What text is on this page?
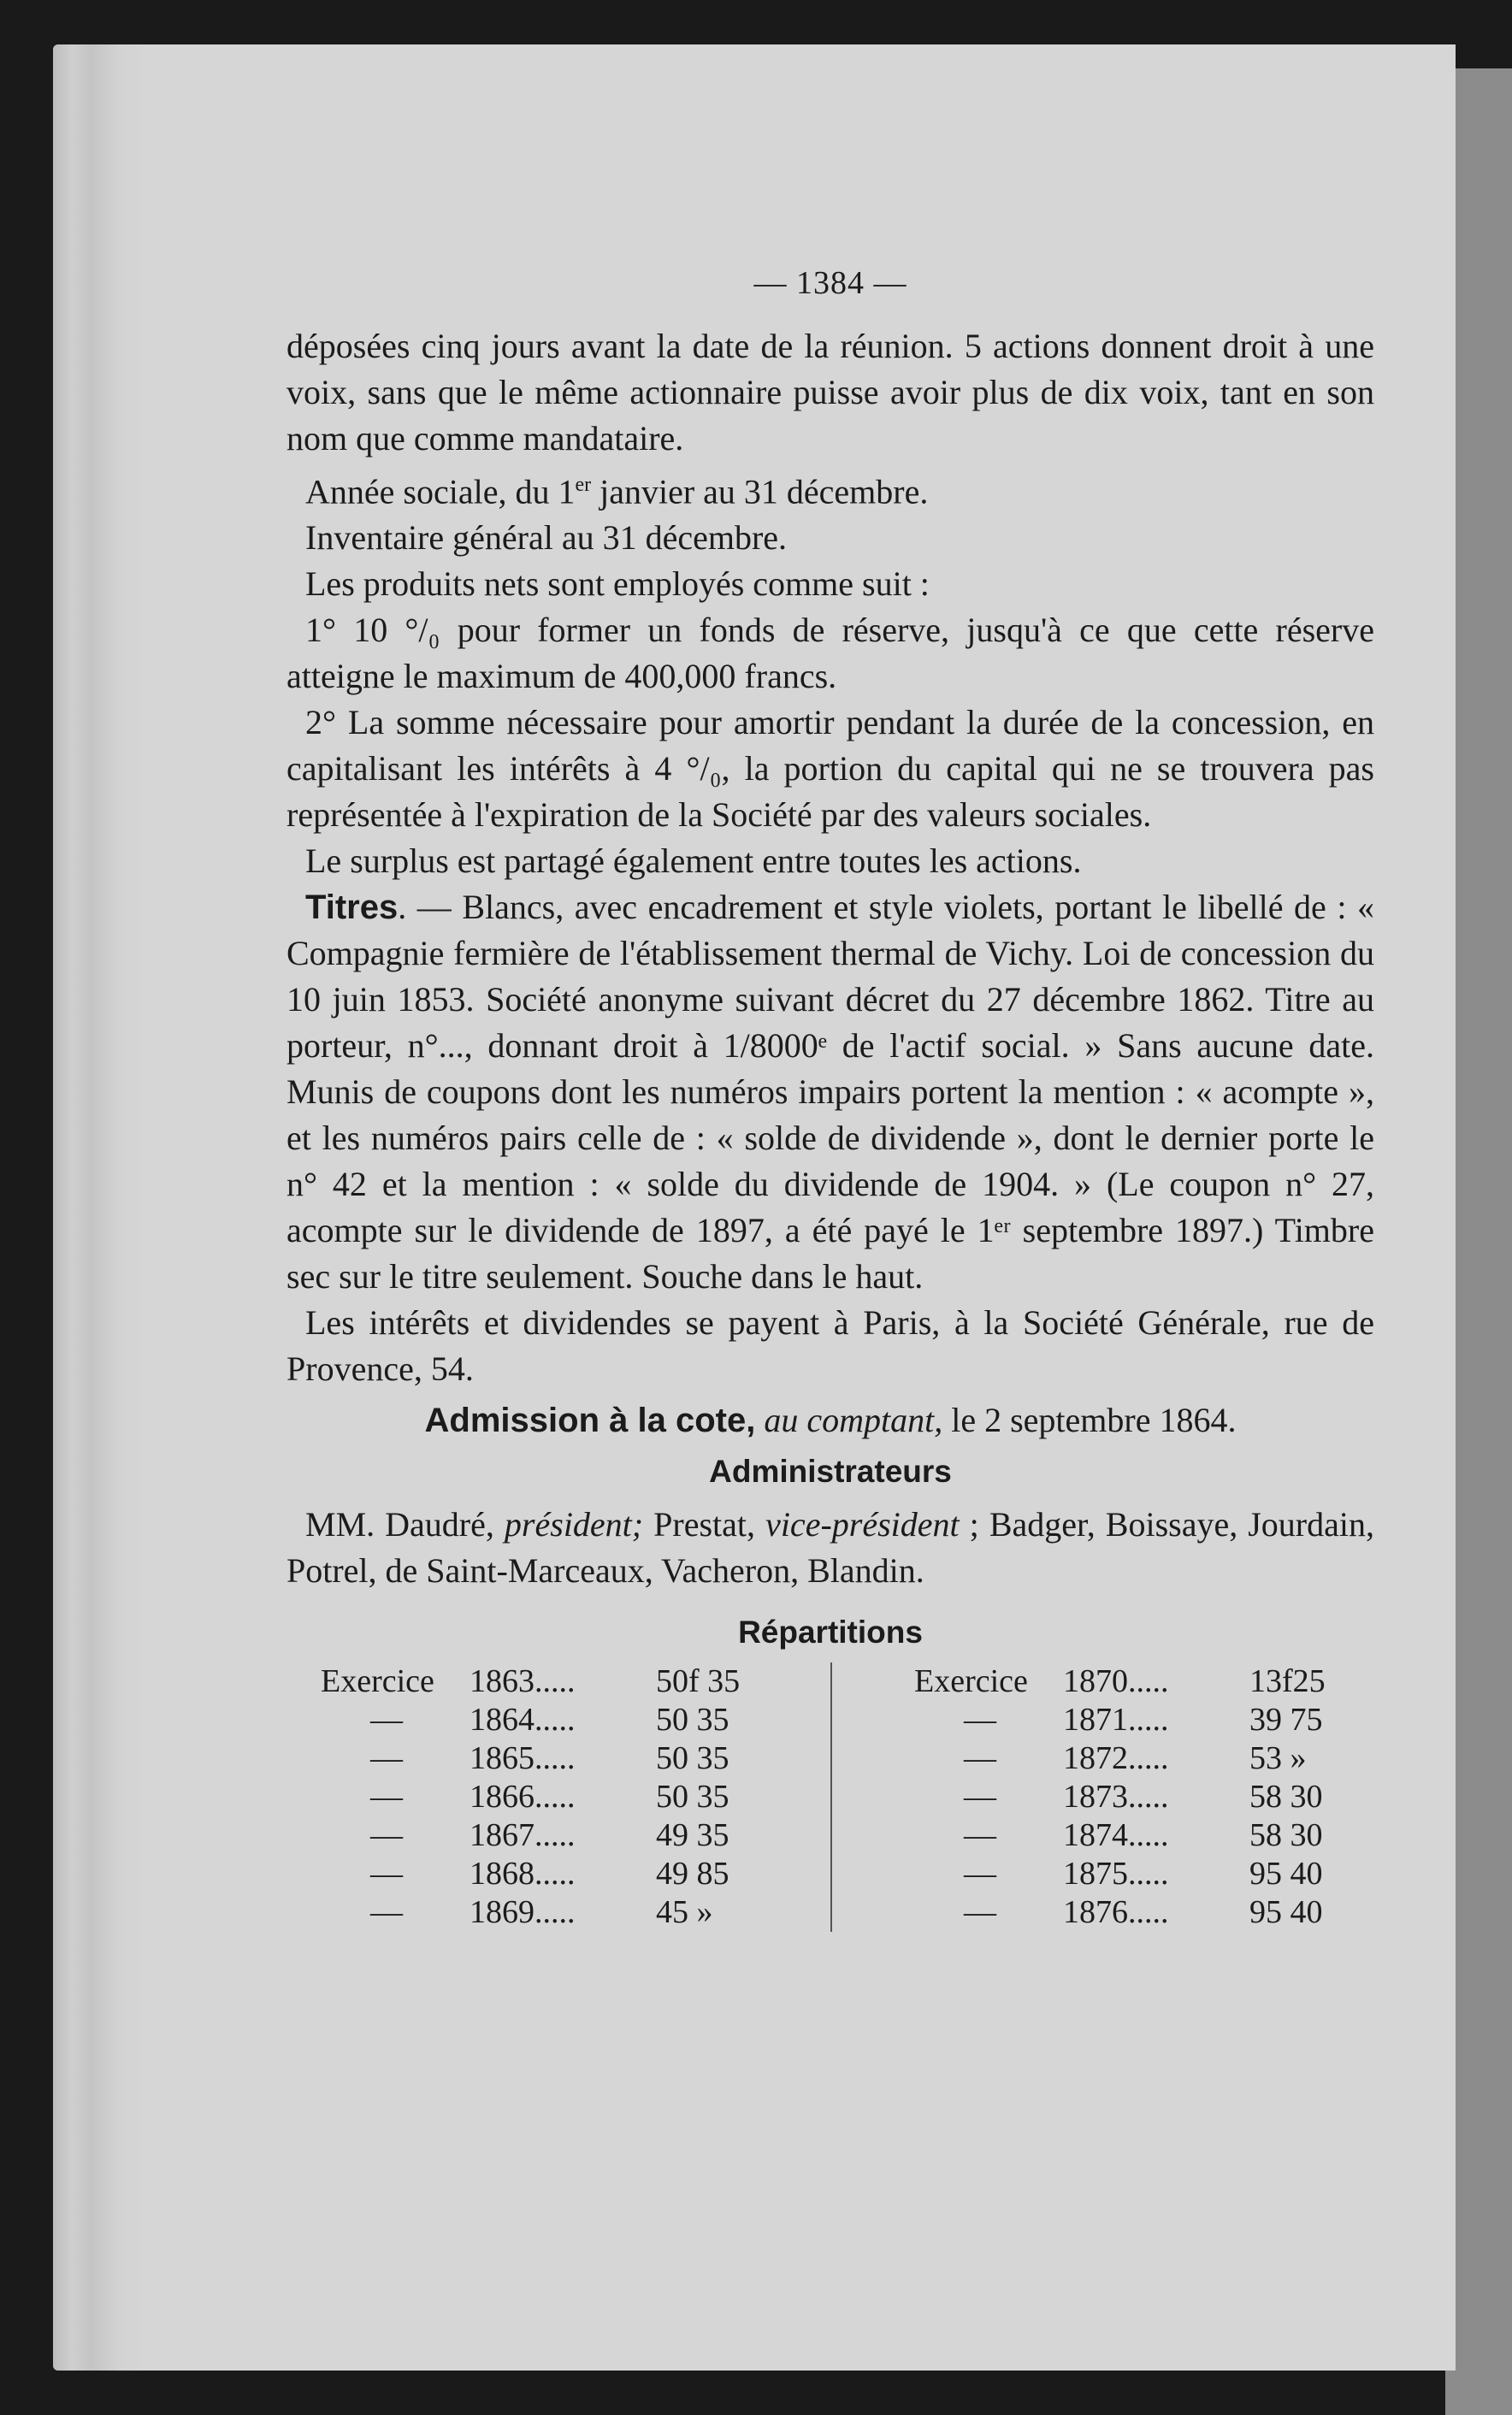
— 1384 —

déposées cinq jours avant la date de la réunion. 5 actions donnent droit à une voix, sans que le même actionnaire puisse avoir plus de dix voix, tant en son nom que comme mandataire.

Année sociale, du 1er janvier au 31 décembre.

Inventaire général au 31 décembre.

Les produits nets sont employés comme suit :

1° 10 °/₀ pour former un fonds de réserve, jusqu'à ce que cette réserve atteigne le maximum de 400,000 francs.

2° La somme nécessaire pour amortir pendant la durée de la concession, en capitalisant les intérêts à 4 °/₀, la portion du capital qui ne se trouvera pas représentée à l'expiration de la Société par des valeurs sociales.

Le surplus est partagé également entre toutes les actions.

Titres. — Blancs, avec encadrement et style violets, portant le libellé de : « Compagnie fermière de l'établissement thermal de Vichy. Loi de concession du 10 juin 1853. Société anonyme suivant décret du 27 décembre 1862. Titre au porteur, n°..., donnant droit à 1/8000ᵉ de l'actif social. » Sans aucune date. Munis de coupons dont les numéros impairs portent la mention : « acompte », et les numéros pairs celle de : « solde de dividende », dont le dernier porte le n° 42 et la mention : « solde du dividende de 1904. » (Le coupon n° 27, acompte sur le dividende de 1897, a été payé le 1ᵉʳ septembre 1897.) Timbre sec sur le titre seulement. Souche dans le haut.

Les intérêts et dividendes se payent à Paris, à la Société Générale, rue de Provence, 54.

Admission à la cote, au comptant, le 2 septembre 1864.

Administrateurs

MM. Daudré, président; Prestat, vice-président ; Badger, Boissaye, Jourdain, Potrel, de Saint-Marceaux, Vacheron, Blandin.

Répartitions
Exercice	1863.....	50f 35
—	1864.....	50 35
—	1865.....	50 35
—	1866.....	50 35
—	1867.....	49 35
—	1868.....	49 85
—	1869.....	45 »
Exercice	1870.....	13f25
—	1871.....	39 75
—	1872.....	53 »
—	1873.....	58 30
—	1874.....	58 30
—	1875.....	95 40
—	1876.....	95 40
